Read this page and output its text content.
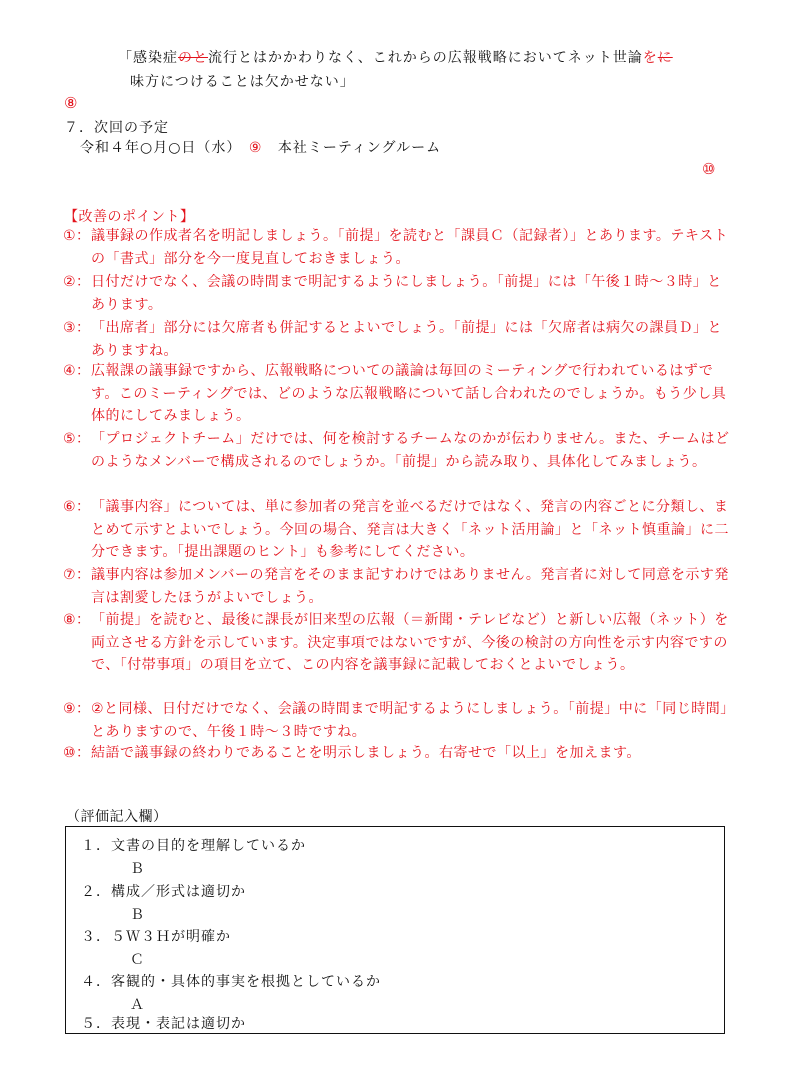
「感染症のと流行とはかかわりなく、これからの広報戦略においてネット世論をに
味方につけることは欠かせない」
⑧
７．次回の予定
令和４年○月○日（水） ⑨ 本社ミーティングルーム
⑩
【改善のポイント】
①： 議事録の作成者名を明記しましょう。「前提」を読むと「課員Ｃ（記録者）」とあります。テキストの「書式」部分を今一度見直しておきましょう。
②： 日付だけでなく、会議の時間まで明記するようにしましょう。「前提」には「午後１時〜３時」とあります。
③： 「出席者」部分には欠席者も併記するとよいでしょう。「前提」には「欠席者は病欠の課員Ｄ」とありますね。
④： 広報課の議事録ですから、広報戦略についての議論は毎回のミーティングで行われているはずです。このミーティングでは、どのような広報戦略について話し合われたのでしょうか。もう少し具体的にしてみましょう。
⑤： 「プロジェクトチーム」だけでは、何を検討するチームなのかが伝わりません。また、チームはどのようなメンバーで構成されるのでしょうか。「前提」から読み取り、具体化してみましょう。
⑥： 「議事内容」については、単に参加者の発言を並べるだけではなく、発言の内容ごとに分類し、まとめて示すとよいでしょう。今回の場合、発言は大きく「ネット活用論」と「ネット慎重論」に二分できます。「提出課題のヒント」も参考にしてください。
⑦： 議事内容は参加メンバーの発言をそのまま記すわけではありません。発言者に対して同意を示す発言は割愛したほうがよいでしょう。
⑧： 「前提」を読むと、最後に課長が旧来型の広報（＝新聞・テレビなど）と新しい広報（ネット）を両立させる方針を示しています。決定事項ではないですが、今後の検討の方向性を示す内容ですので、「付帯事項」の項目を立て、この内容を議事録に記載しておくとよいでしょう。
⑨： ②と同様、日付だけでなく、会議の時間まで明記するようにしましょう。「前提」中に「同じ時間」とありますので、午後１時〜３時ですね。
⑩： 結語で議事録の終わりであることを明示しましょう。右寄せで「以上」を加えます。
（評価記入欄）
１．文書の目的を理解しているか
Ｂ
２．構成／形式は適切か
Ｂ
３．５Ｗ３Ｈが明確か
Ｃ
４．客観的・具体的事実を根拠としているか
Ａ
５．表現・表記は適切か
